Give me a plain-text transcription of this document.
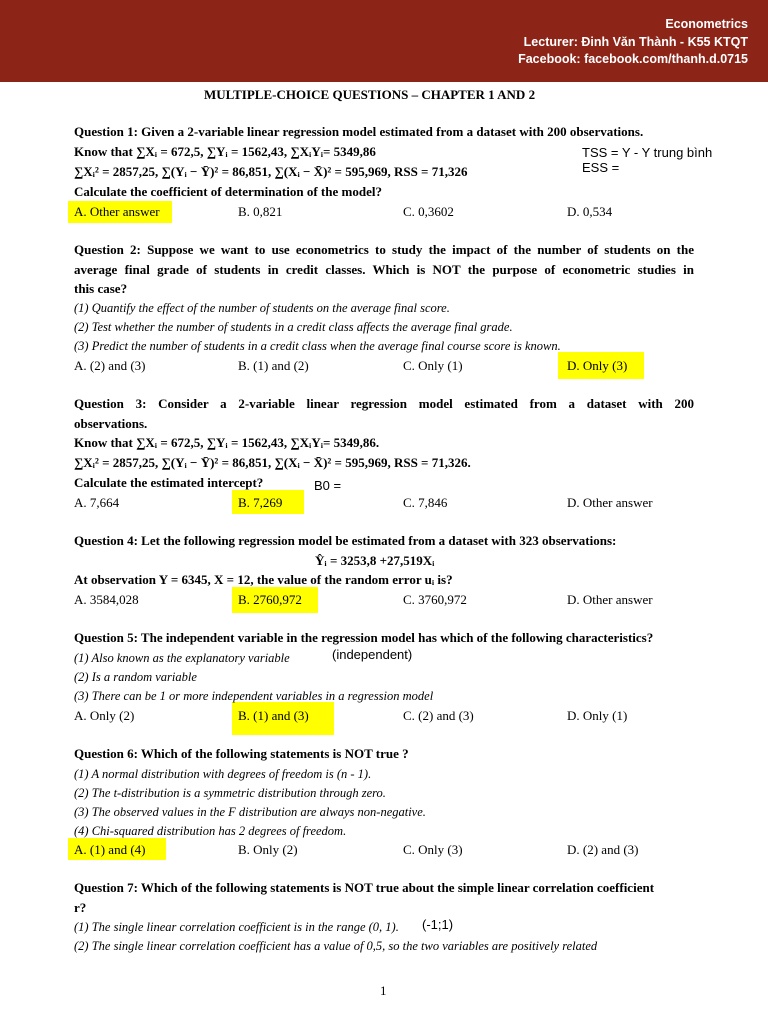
Econometrics
Lecturer: Đinh Văn Thành - K55 KTQT
Facebook: facebook.com/thanh.d.0715
MULTIPLE-CHOICE QUESTIONS – CHAPTER 1 AND 2
Question 1: Given a 2-variable linear regression model estimated from a dataset with 200 observations.
Know that ∑Xᵢ = 672,5, ∑Yᵢ = 1562,43, ∑XᵢYᵢ= 5349,86
∑Xᵢ² = 2857,25, ∑(Yᵢ − Ȳ)² = 86,851, ∑(Xᵢ − X̄)² = 595,969, RSS = 71,326
Calculate the coefficient of determination of the model?
A. Other answer	B. 0,821	C. 0,3602	D. 0,534
TSS = Y - Y trung bình
ESS =
Question 2: Suppose we want to use econometrics to study the impact of the number of students on the
average final grade of students in credit classes. Which is NOT the purpose of econometric studies in
this case?
(1) Quantify the effect of the number of students on the average final score.
(2) Test whether the number of students in a credit class affects the average final grade.
(3) Predict the number of students in a credit class when the average final course score is known.
A. (2) and (3)	B. (1) and (2)	C. Only (1)	D. Only (3)
Question 3: Consider a 2-variable linear regression model estimated from a dataset with 200
observations.
Know that ∑Xᵢ = 672,5, ∑Yᵢ = 1562,43, ∑XᵢYᵢ= 5349,86.
∑Xᵢ² = 2857,25, ∑(Yᵢ − Ȳ)² = 86,851, ∑(Xᵢ − X̄)² = 595,969, RSS = 71,326.
Calculate the estimated intercept?	B0 =
A. 7,664	B. 7,269	C. 7,846	D. Other answer
Question 4: Let the following regression model be estimated from a dataset with 323 observations:
Ŷᵢ = 3253,8 +27,519Xᵢ
At observation Y = 6345, X = 12, the value of the random error uᵢ is?
A. 3584,028	B. 2760,972	C. 3760,972	D. Other answer
Question 5: The independent variable in the regression model has which of the following characteristics?
(1) Also known as the explanatory variable	(independent)
(2) Is a random variable
(3) There can be 1 or more independent variables in a regression model
A. Only (2)	B. (1) and (3)	C. (2) and (3)	D. Only (1)
Question 6: Which of the following statements is NOT true ?
(1) A normal distribution with degrees of freedom is (n - 1).
(2) The t-distribution is a symmetric distribution through zero.
(3) The observed values in the F distribution are always non-negative.
(4) Chi-squared distribution has 2 degrees of freedom.
A. (1) and (4)	B. Only (2)	C. Only (3)	D. (2) and (3)
Question 7: Which of the following statements is NOT true about the simple linear correlation coefficient
r?
(1) The single linear correlation coefficient is in the range (0, 1). (-1;1)
(2) The single linear correlation coefficient has a value of 0,5, so the two variables are positively related
1
